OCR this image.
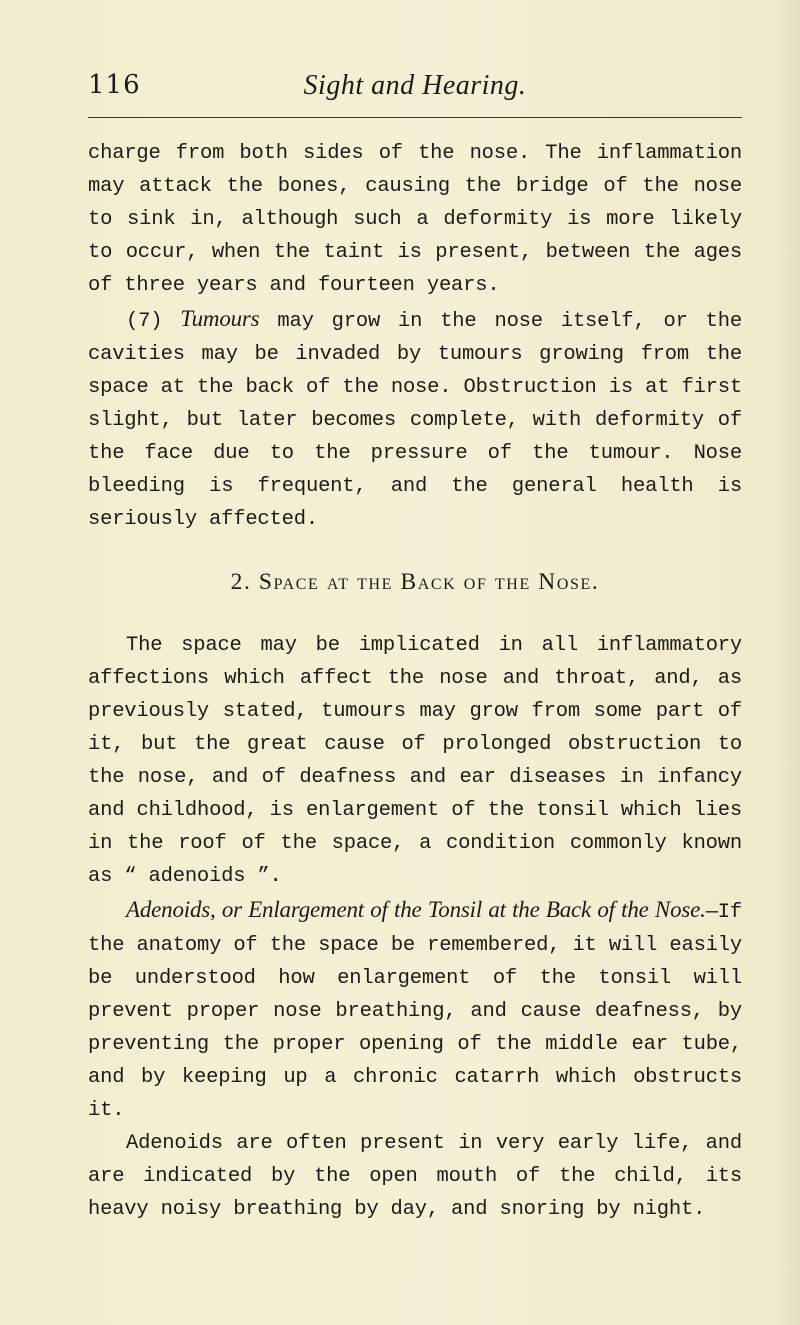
116	Sight and Hearing.

charge from both sides of the nose. The inflammation may attack the bones, causing the bridge of the nose to sink in, although such a deformity is more likely to occur, when the taint is present, between the ages of three years and fourteen years.

(7) Tumours may grow in the nose itself, or the cavities may be invaded by tumours growing from the space at the back of the nose. Obstruction is at first slight, but later becomes complete, with deformity of the face due to the pressure of the tumour. Nose bleeding is frequent, and the general health is seriously affected.

2. Space at the Back of the Nose.

The space may be implicated in all inflammatory affections which affect the nose and throat, and, as previously stated, tumours may grow from some part of it, but the great cause of prolonged obstruction to the nose, and of deafness and ear diseases in infancy and childhood, is enlargement of the tonsil which lies in the roof of the space, a condition commonly known as “ adenoids ”.

Adenoids, or Enlargement of the Tonsil at the Back of the Nose.—If the anatomy of the space be remembered, it will easily be understood how enlargement of the tonsil will prevent proper nose breathing, and cause deafness, by preventing the proper opening of the middle ear tube, and by keeping up a chronic catarrh which obstructs it.

Adenoids are often present in very early life, and are indicated by the open mouth of the child, its heavy noisy breathing by day, and snoring by night.
